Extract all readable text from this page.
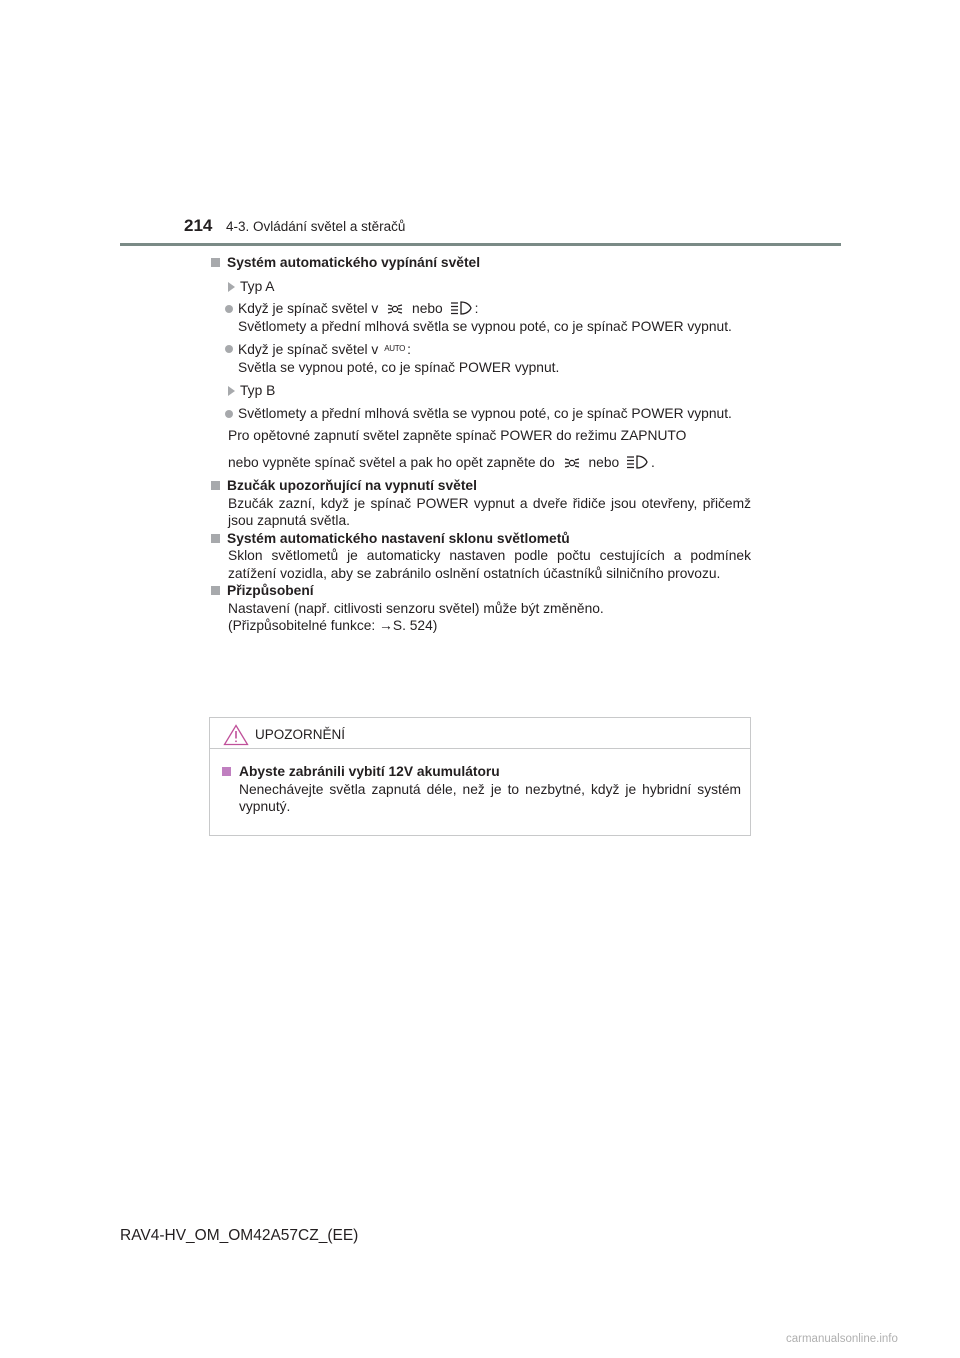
214 4-3. Ovládání světel a stěračů
Systém automatického vypínání světel
Typ A
Když je spínač světel v nebo :
Světlomety a přední mlhová světla se vypnou poté, co je spínač POWER vypnut.
Když je spínač světel v $^{AUTO}$ :
Světla se vypnou poté, co je spínač POWER vypnut.
Typ B
Světlomety a přední mlhová světla se vypnou poté, co je spínač POWER vypnut.
Pro opětovné zapnutí světel zapněte spínač POWER do režimu ZAPNUTO
nebo vypněte spínač světel a pak ho opět zapněte do nebo .
Bzučák upozorňující na vypnutí světel
Bzučák zazní, když je spínač POWER vypnut a dveře řidiče jsou otevřeny, přičemž jsou zapnutá světla.
Systém automatického nastavení sklonu světlometů
Sklon světlometů je automaticky nastaven podle počtu cestujících a podmínek zatížení vozidla, aby se zabránilo oslnění ostatních účastníků silničního provozu.
Přizpůsobení
Nastavení (např. citlivosti senzoru světel) může být změněno.
(Přizpůsobitelné funkce: →S. 524)
UPOZORNĚNÍ
Abyste zabránili vybití 12V akumulátoru
Nenechávejte světla zapnutá déle, než je to nezbytné, když je hybridní systém vypnutý.
RAV4-HV_OM_OM42A57CZ_(EE)
carmanualsonline.info
